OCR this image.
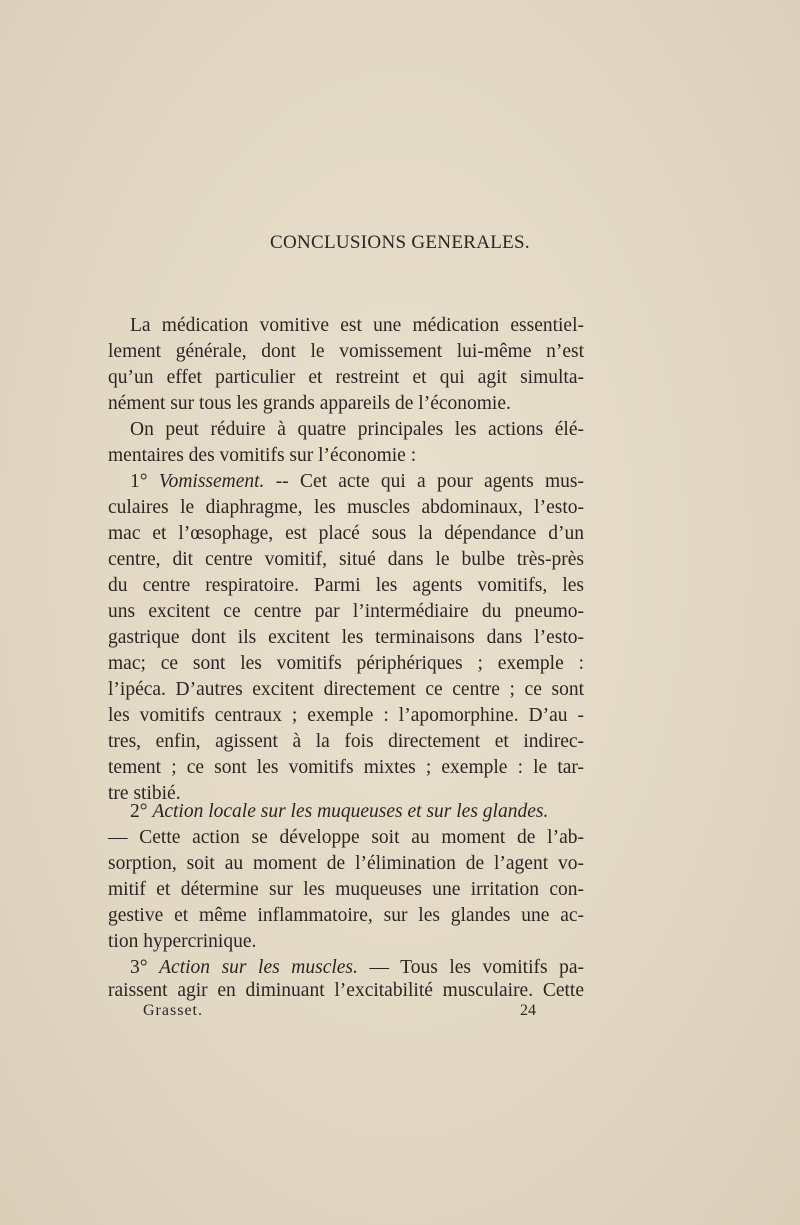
CONCLUSIONS GENERALES.
La médication vomitive est une médication essentiel-
lement générale, dont le vomissement lui-même n’est
qu’un effet particulier et restreint et qui agit simulta-
nément sur tous les grands appareils de l’économie.
On peut réduire à quatre principales les actions élé-
mentaires des vomitifs sur l’économie :
1° Vomissement. -- Cet acte qui a pour agents mus-
culaires le diaphragme, les muscles abdominaux, l’esto-
mac et l’œsophage, est placé sous la dépendance d’un
centre, dit centre vomitif, situé dans le bulbe très-près
du centre respiratoire. Parmi les agents vomitifs, les
uns excitent ce centre par l’intermédiaire du pneumo-
gastrique dont ils excitent les terminaisons dans l’esto-
mac; ce sont les vomitifs périphériques ; exemple :
l’ipéca. D’autres excitent directement ce centre ; ce sont
les vomitifs centraux ; exemple : l’apomorphine. D’au -
tres, enfin, agissent à la fois directement et indirec-
tement ; ce sont les vomitifs mixtes ; exemple : le tar-
tre stibié.
2° Action locale sur les muqueuses et sur les glandes.
— Cette action se développe soit au moment de l’ab-
sorption, soit au moment de l’élimination de l’agent vo-
mitif et détermine sur les muqueuses une irritation con-
gestive et même inflammatoire, sur les glandes une ac-
tion hypercrinique.
3° Action sur les muscles. — Tous les vomitifs pa-
raissent agir en diminuant l’excitabilité musculaire. Cette
Grasset.	24
